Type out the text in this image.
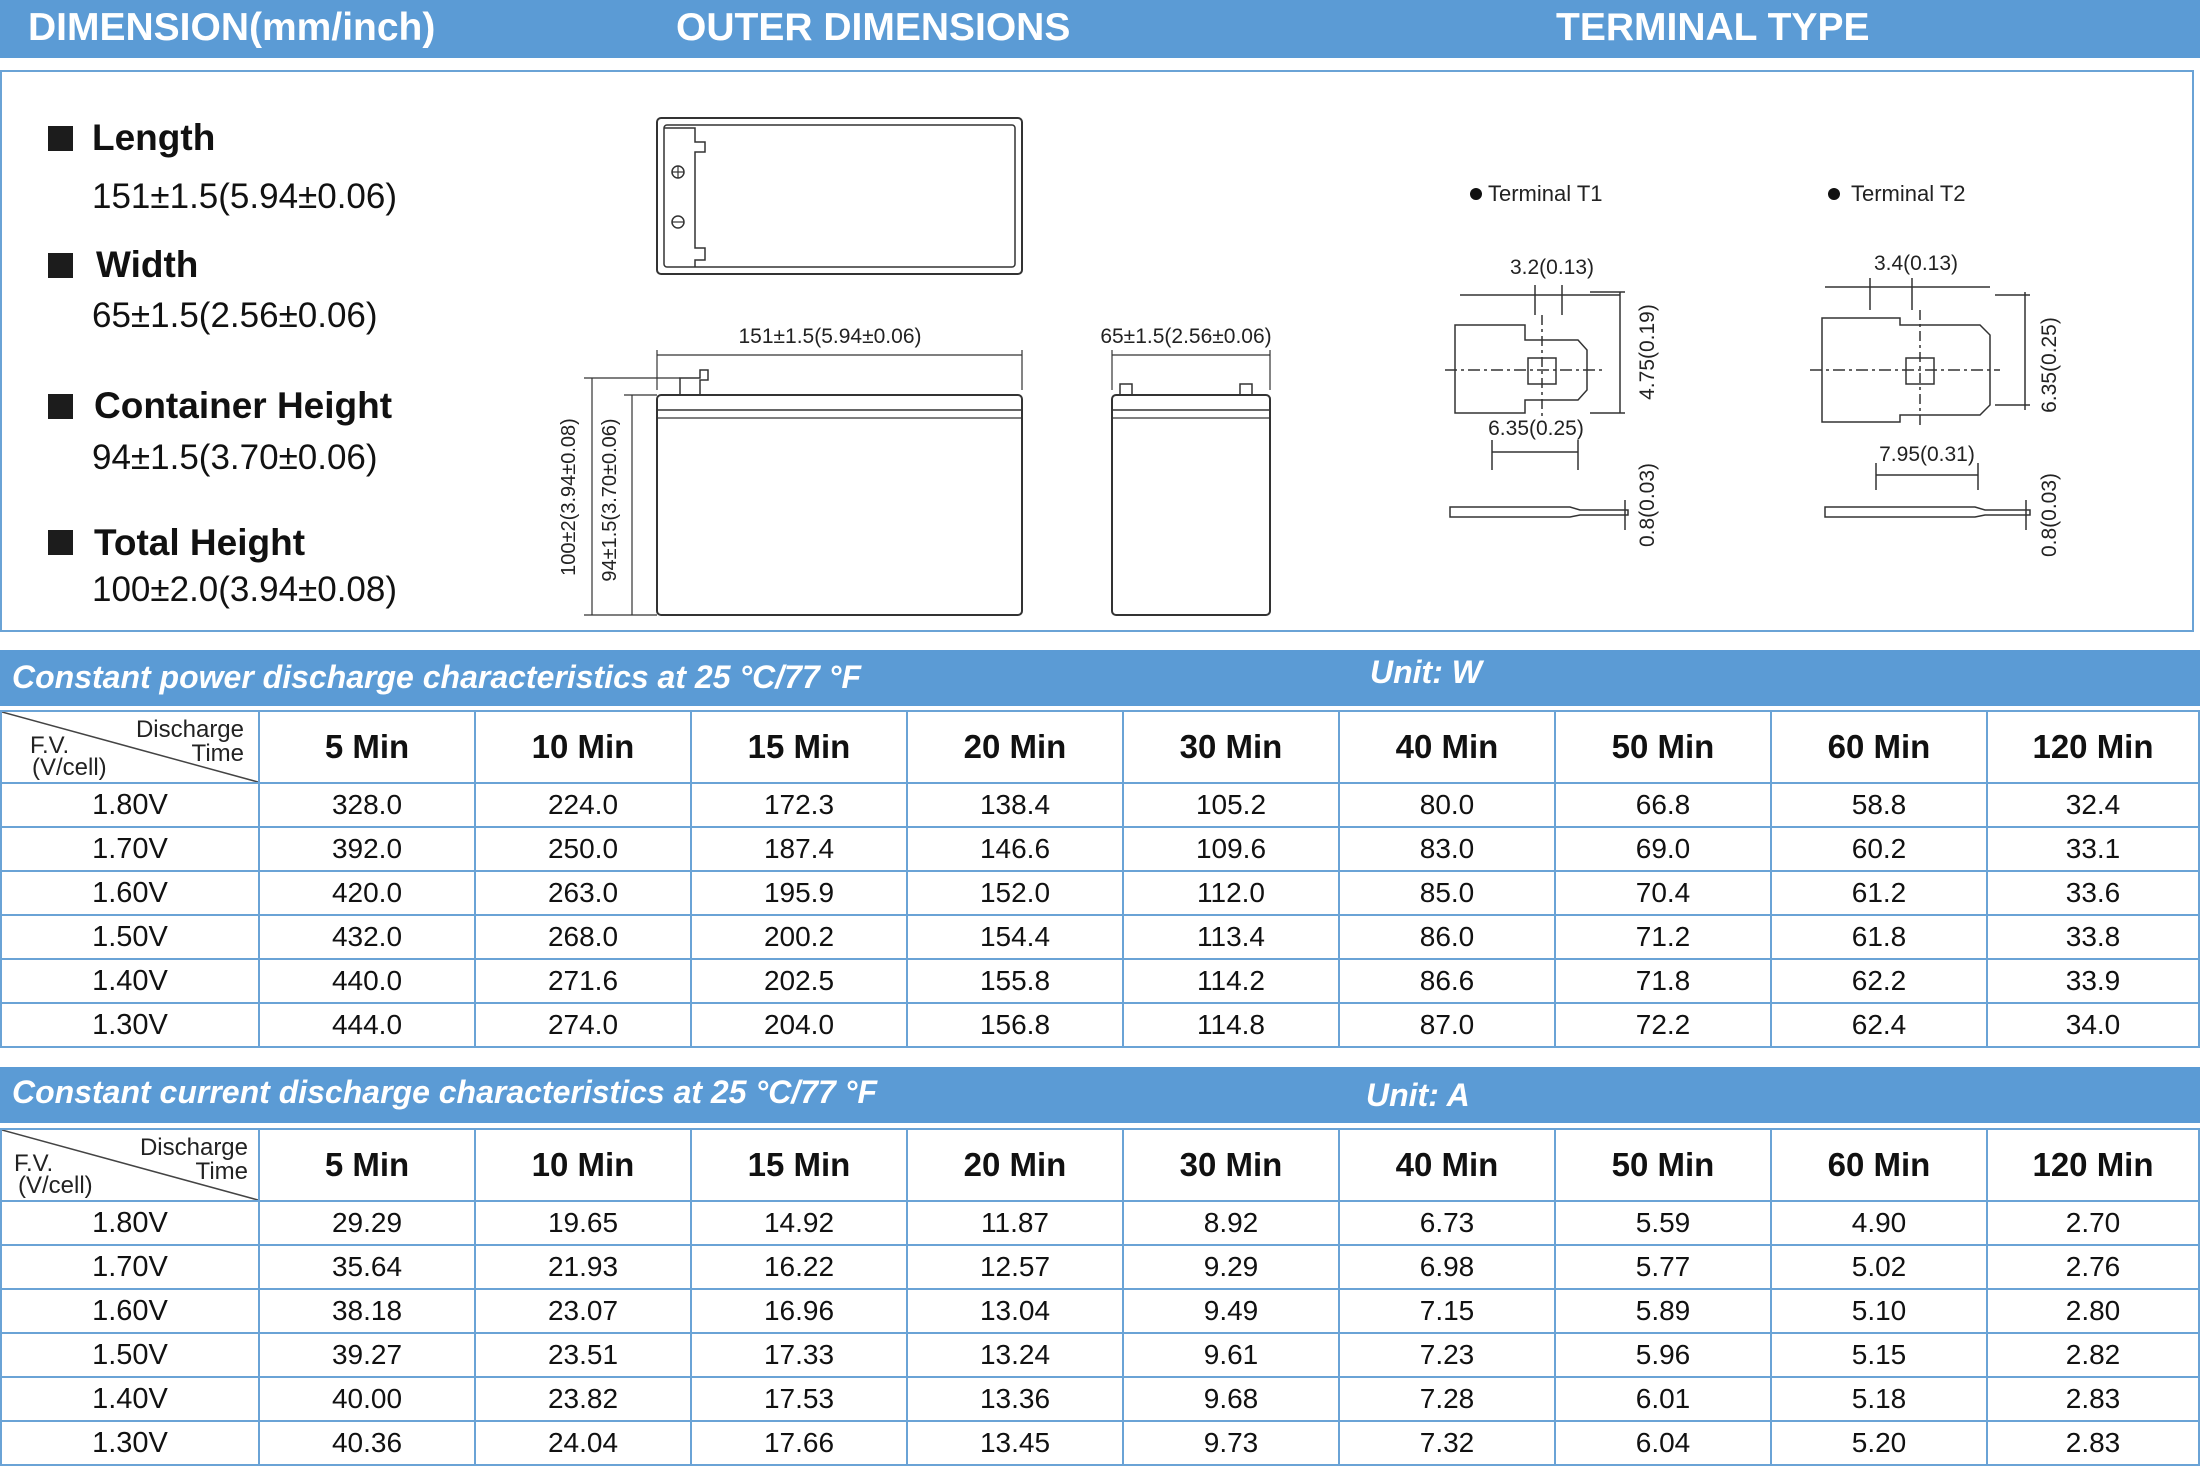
DIMENSION(mm/inch)	OUTER DIMENSIONS	TERMINAL TYPE
Length
151±1.5(5.94±0.06)
Width
65±1.5(2.56±0.06)
Container Height
94±1.5(3.70±0.06)
Total Height
100±2.0(3.94±0.08)
151±1.5(5.94±0.06)	65±1.5(2.56±0.06)
100±2(3.94±0.08) 94±1.5(3.70±0.06)
Terminal T1
3.2(0.13)
4.75(0.19)
6.35(0.25)
0.8(0.03)
Terminal T2
3.4(0.13)
6.35(0.25)
7.95(0.31)
0.8(0.03)
Constant power discharge characteristics at 25 °C/77 °F	Unit: W
Discharge
Time
F.V.
(V/cell)	5 Min	10 Min	15 Min	20 Min	30 Min	40 Min	50 Min	60 Min	120 Min
1.80V	328.0	224.0	172.3	138.4	105.2	80.0	66.8	58.8	32.4
1.70V	392.0	250.0	187.4	146.6	109.6	83.0	69.0	60.2	33.1
1.60V	420.0	263.0	195.9	152.0	112.0	85.0	70.4	61.2	33.6
1.50V	432.0	268.0	200.2	154.4	113.4	86.0	71.2	61.8	33.8
1.40V	440.0	271.6	202.5	155.8	114.2	86.6	71.8	62.2	33.9
1.30V	444.0	274.0	204.0	156.8	114.8	87.0	72.2	62.4	34.0
Constant current discharge characteristics at 25 °C/77 °F	Unit: A
Discharge
Time
F.V.
(V/cell)	5 Min	10 Min	15 Min	20 Min	30 Min	40 Min	50 Min	60 Min	120 Min
1.80V	29.29	19.65	14.92	11.87	8.92	6.73	5.59	4.90	2.70
1.70V	35.64	21.93	16.22	12.57	9.29	6.98	5.77	5.02	2.76
1.60V	38.18	23.07	16.96	13.04	9.49	7.15	5.89	5.10	2.80
1.50V	39.27	23.51	17.33	13.24	9.61	7.23	5.96	5.15	2.82
1.40V	40.00	23.82	17.53	13.36	9.68	7.28	6.01	5.18	2.83
1.30V	40.36	24.04	17.66	13.45	9.73	7.32	6.04	5.20	2.83
